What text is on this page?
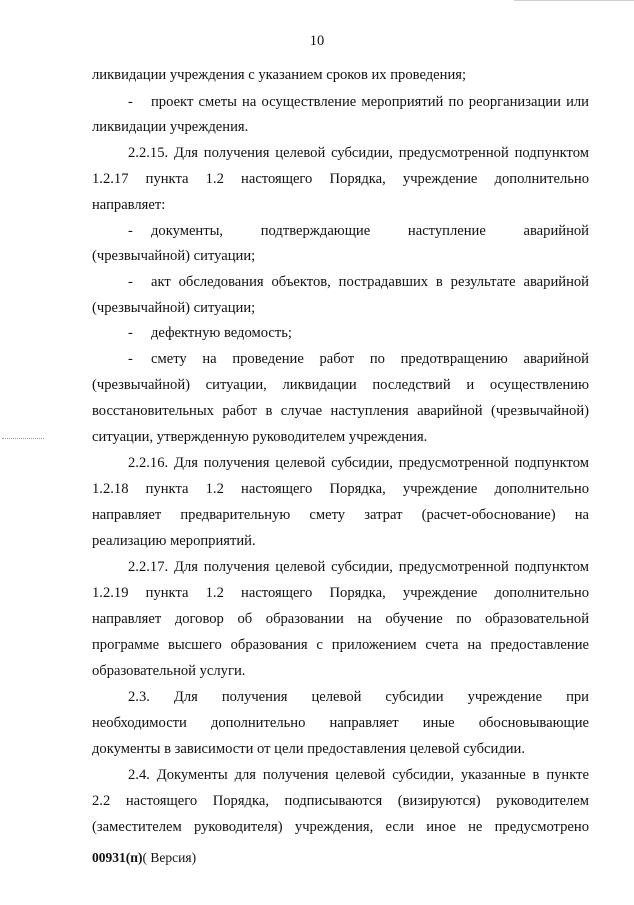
10
ликвидации учреждения с указанием сроков их проведения;
- проект сметы на осуществление мероприятий по реорганизации или
ликвидации учреждения.
2.2.15. Для получения целевой субсидии, предусмотренной подпунктом
1.2.17 пункта 1.2 настоящего Порядка, учреждение дополнительно
направляет:
- документы, подтверждающие наступление аварийной
(чрезвычайной) ситуации;
- акт обследования объектов, пострадавших в результате аварийной
(чрезвычайной) ситуации;
- дефектную ведомость;
- смету на проведение работ по предотвращению аварийной
(чрезвычайной) ситуации, ликвидации последствий и осуществлению
восстановительных работ в случае наступления аварийной (чрезвычайной)
ситуации, утвержденную руководителем учреждения.
2.2.16. Для получения целевой субсидии, предусмотренной подпунктом
1.2.18 пункта 1.2 настоящего Порядка, учреждение дополнительно
направляет предварительную смету затрат (расчет-обоснование) на
реализацию мероприятий.
2.2.17. Для получения целевой субсидии, предусмотренной подпунктом
1.2.19 пункта 1.2 настоящего Порядка, учреждение дополнительно
направляет договор об образовании на обучение по образовательной
программе высшего образования с приложением счета на предоставление
образовательной услуги.
2.3. Для получения целевой субсидии учреждение при
необходимости дополнительно направляет иные обосновывающие
документы в зависимости от цели предоставления целевой субсидии.
2.4. Документы для получения целевой субсидии, указанные в пункте
2.2 настоящего Порядка, подписываются (визируются) руководителем
(заместителем руководителя) учреждения, если иное не предусмотрено
00931(п)( Версия)
